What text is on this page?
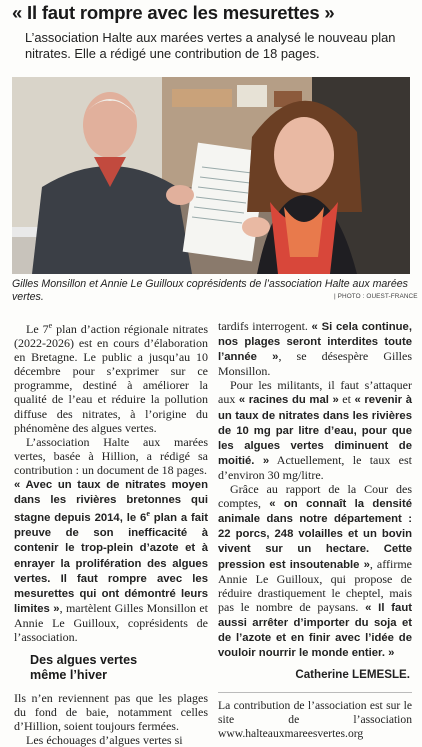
« Il faut rompre avec les mesurettes »

L’association Halte aux marées vertes a analysé le nouveau plan nitrates. Elle a rédigé une contribution de 18 pages.

Gilles Monsillon et Annie Le Guilloux coprésidents de l’association Halte aux marées vertes.	| PHOTO : OUEST-FRANCE

Le 7e plan d’action régionale nitrates (2022-2026) est en cours d’élaboration en Bretagne. Le public a jusqu’au 10 décembre pour s’exprimer sur ce programme, destiné à améliorer la qualité de l’eau et réduire la pollution diffuse des nitrates, à l’origine du phénomène des algues vertes.

L’association Halte aux marées vertes, basée à Hillion, a rédigé sa contribution : un document de 18 pages.

« Avec un taux de nitrates moyen dans les rivières bretonnes qui stagne depuis 2014, le 6e plan a fait preuve de son inefficacité à contenir le trop-plein d’azote et à enrayer la prolifération des algues vertes. Il faut rompre avec les mesurettes qui ont démontré leurs limites », martèlent Gilles Monsillon et Annie Le Guilloux, coprésidents de l’association.

Des algues vertes
même l’hiver

Ils n’en reviennent pas que les plages du fond de baie, notamment celles d’Hillion, soient toujours fermées.

Les échouages d’algues vertes si

tardifs interrogent. « Si cela continue, nos plages seront interdites toute l’année », se désespère Gilles Monsillon.

Pour les militants, il faut s’attaquer aux « racines du mal » et « revenir à un taux de nitrates dans les rivières de 10 mg par litre d’eau, pour que les algues vertes diminuent de moitié. » Actuellement, le taux est d’environ 30 mg/litre.

Grâce au rapport de la Cour des comptes, « on connaît la densité animale dans notre département : 22 porcs, 248 volailles et un bovin vivent sur un hectare. Cette pression est insoutenable », affirme Annie Le Guilloux, qui propose de réduire drastiquement le cheptel, mais pas le nombre de paysans. « Il faut aussi arrêter d’importer du soja et de l’azote et en finir avec l’idée de vouloir nourrir le monde entier. »

Catherine LEMESLE.

La contribution de l’association est sur le site de l’association www.halteauxmareesvertes.org
